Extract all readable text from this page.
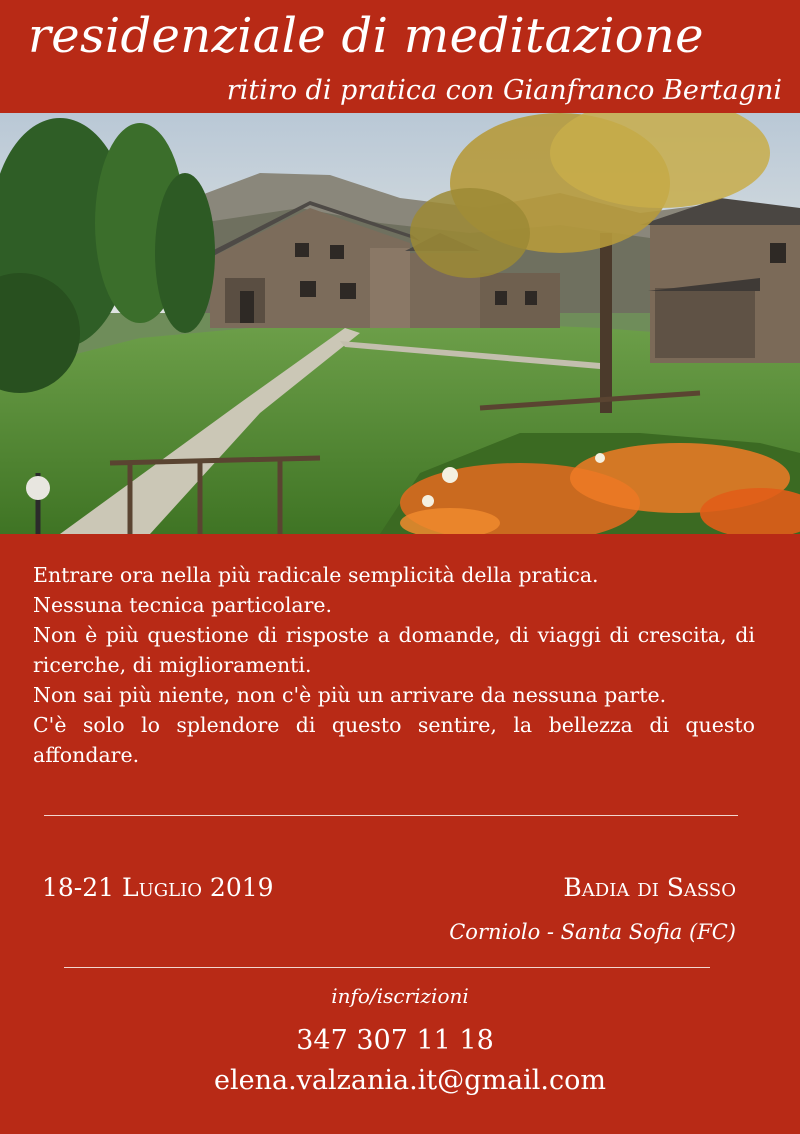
residenziale di meditazione
ritiro di pratica con Gianfranco Bertagni

Entrare ora nella più radicale semplicità della pratica.

Nessuna tecnica particolare.

Non è più questione di risposte a domande, di viaggi di crescita, di ricerche, di miglioramenti.

Non sai più niente, non c'è più un arrivare da nessuna parte.

C'è solo lo splendore di questo sentire, la bellezza di questo affondare.

18-21 Luglio 2019	Badia di Sasso
Corniolo - Santa Sofia (FC)
info/iscrizioni
347 307 11 18
elena.valzania.it@gmail.com
